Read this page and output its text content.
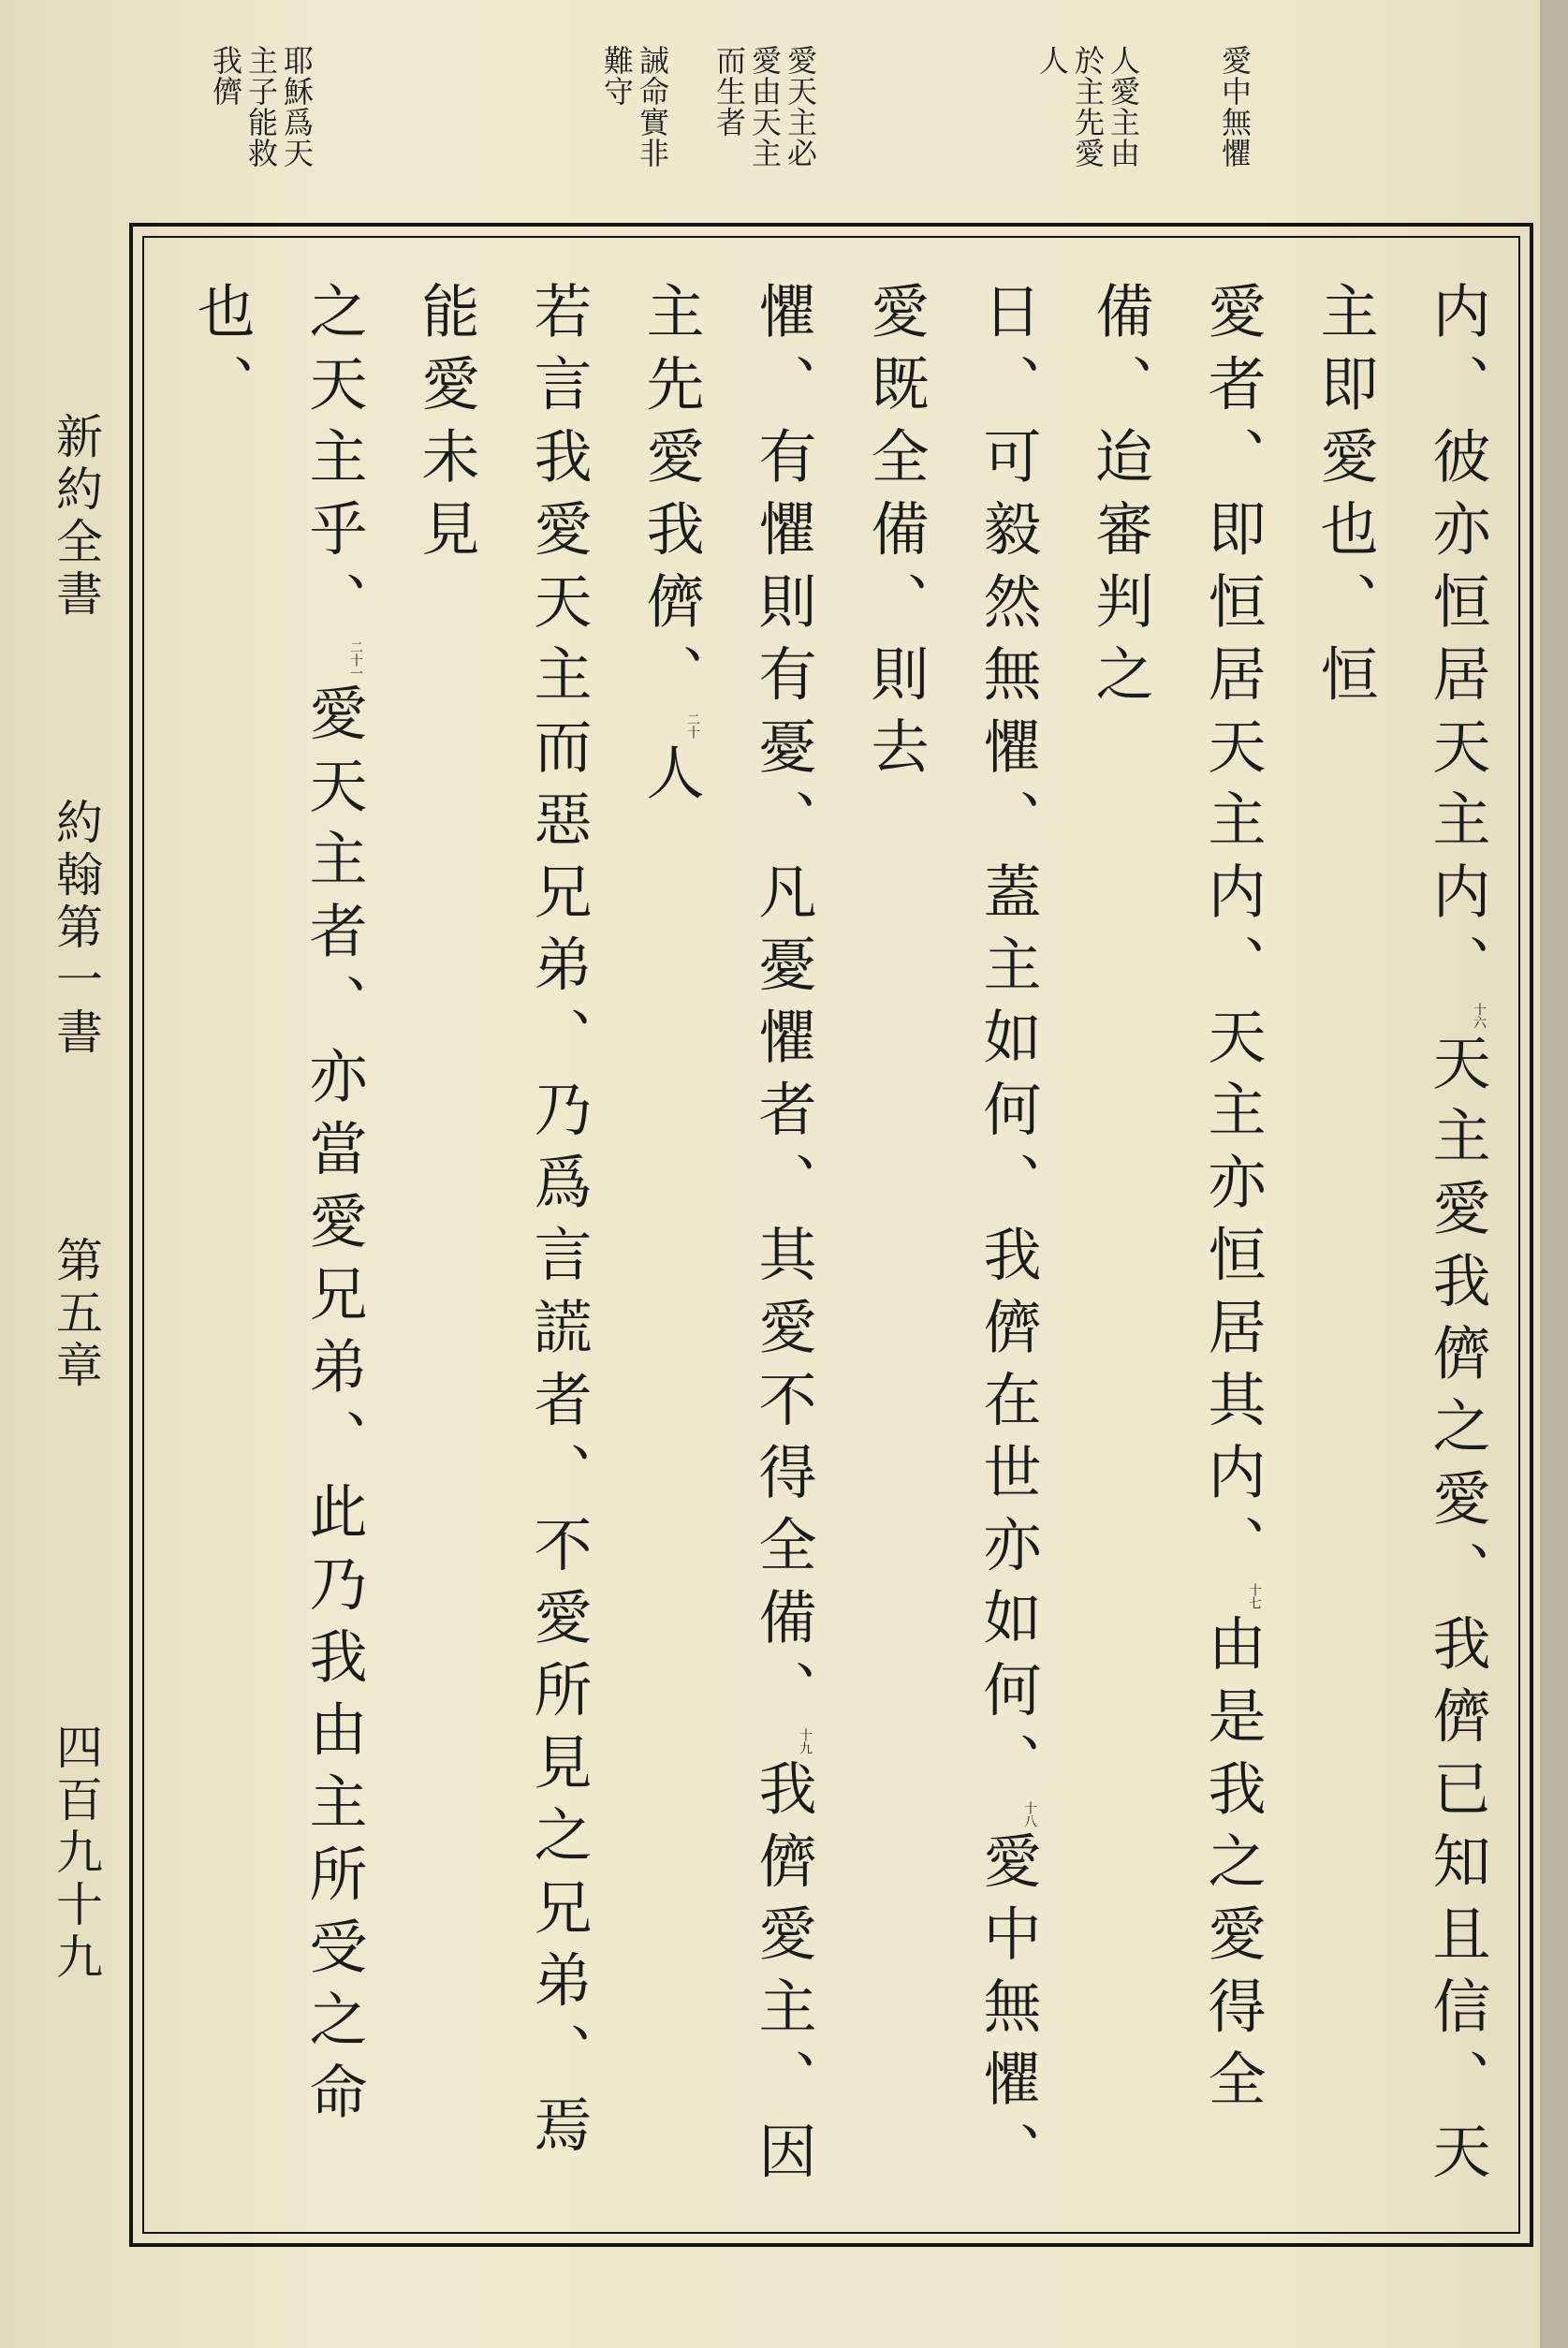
愛中無懼
人愛主由
於主先愛
人
愛天主必
愛由天主
而生者
誡命實非
難守
耶穌爲天
主子能救
我儕
内、彼亦恒居天主内、十六天主愛我儕之愛、我儕已知且信、天主即愛也、恒
愛者、即恒居天主内、天主亦恒居其内、十七由是我之愛得全備、迨審判之
日、可毅然無懼、蓋主如何、我儕在世亦如何、十八愛中無懼、愛既全備、則去
懼、有懼則有憂、凡憂懼者、其愛不得全備、十九我儕愛主、因主先愛我儕、二十人
若言我愛天主而惡兄弟、乃爲言謊者、不愛所見之兄弟、焉能愛未見
之天主乎、二十一愛天主者、亦當愛兄弟、此乃我由主所受之命也、
新約全書  約翰第一書  第五章
四百九十九
